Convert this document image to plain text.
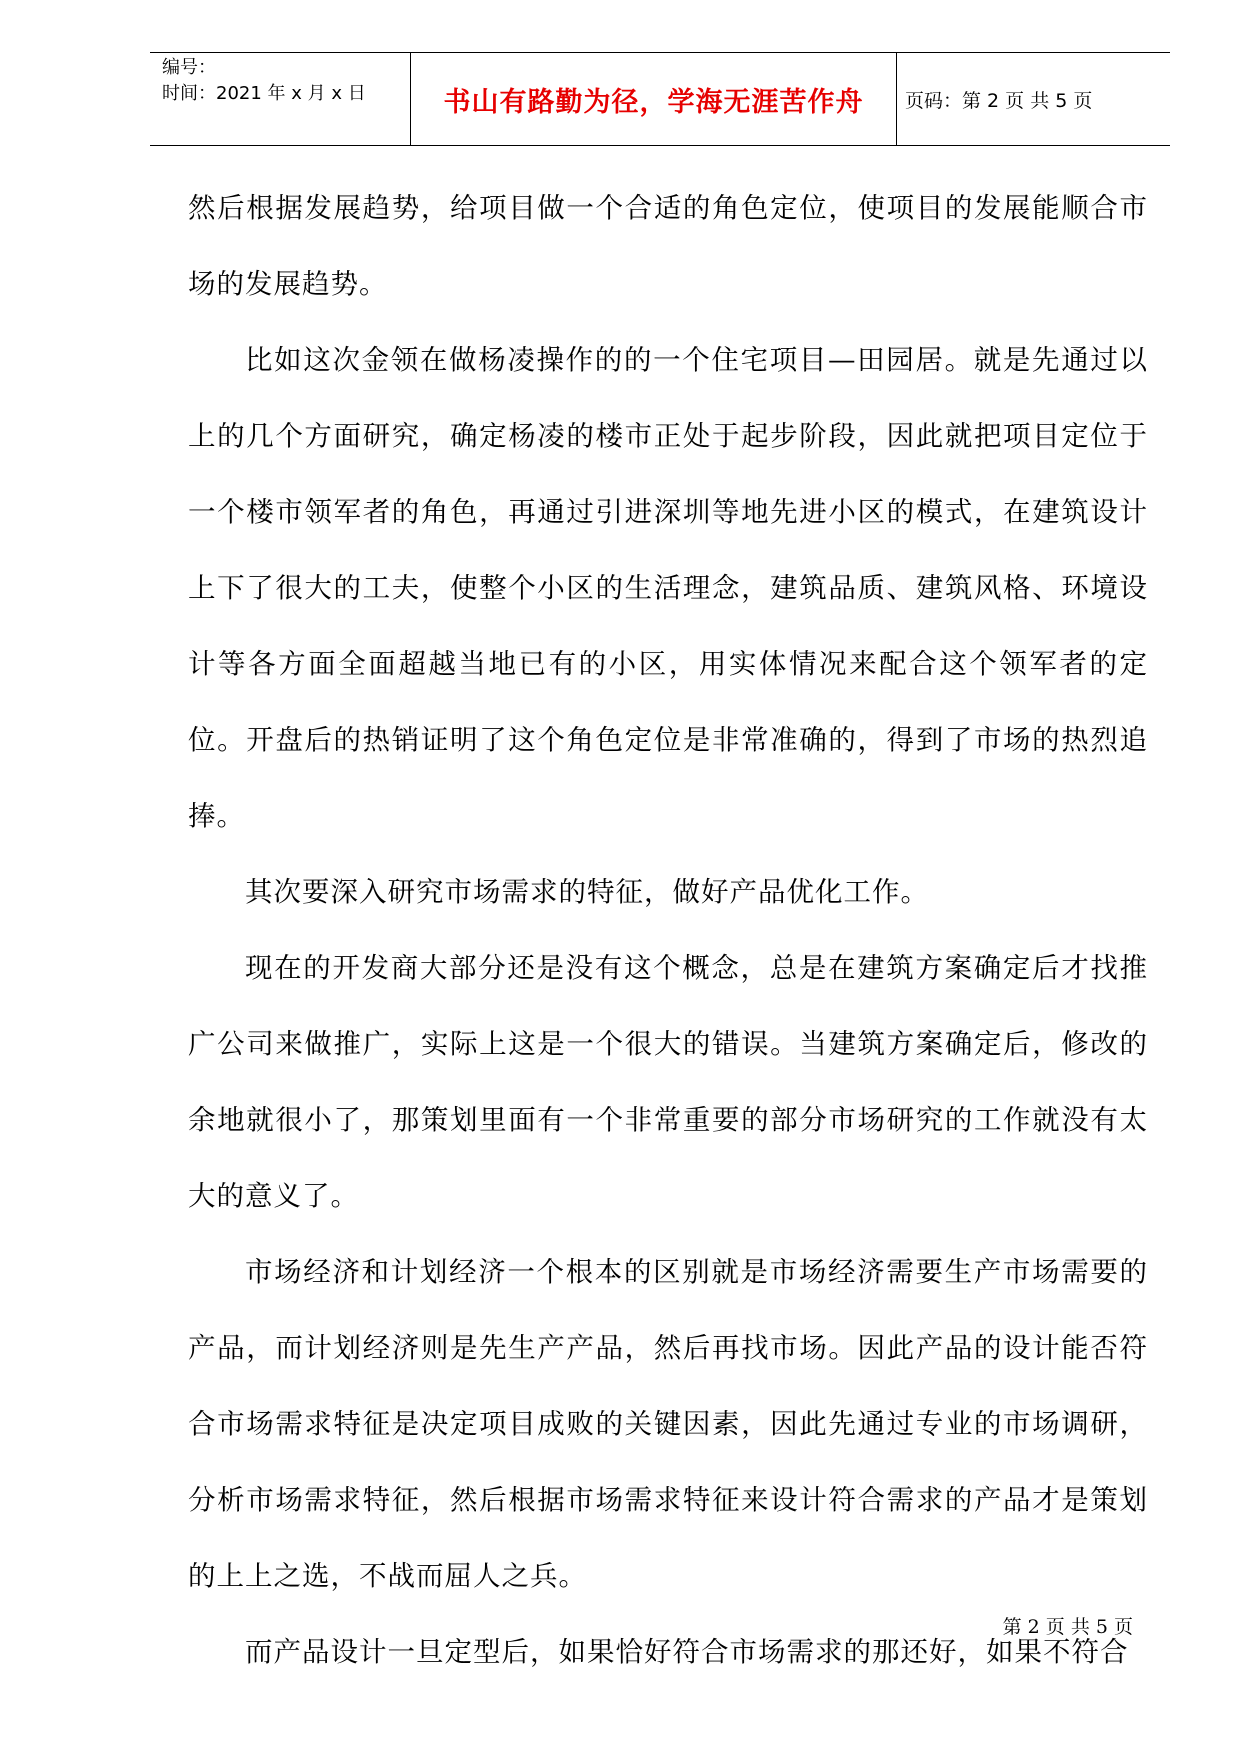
编号：
时间：2021 年 x 月 x 日	书山有路勤为径，学海无涯苦作舟 页码：第 2 页 共 5 页

然后根据发展趋势，给项目做一个合适的角色定位，使项目的发展能顺合市场的发展趋势。

比如这次金领在做杨凌操作的的一个住宅项目—田园居。就是先通过以上的几个方面研究，确定杨凌的楼市正处于起步阶段，因此就把项目定位于一个楼市领军者的角色，再通过引进深圳等地先进小区的模式，在建筑设计上下了很大的工夫，使整个小区的生活理念，建筑品质、建筑风格、环境设计等各方面全面超越当地已有的小区，用实体情况来配合这个领军者的定位。开盘后的热销证明了这个角色定位是非常准确的，得到了市场的热烈追捧。

其次要深入研究市场需求的特征，做好产品优化工作。

现在的开发商大部分还是没有这个概念，总是在建筑方案确定后才找推广公司来做推广，实际上这是一个很大的错误。当建筑方案确定后，修改的余地就很小了，那策划里面有一个非常重要的部分市场研究的工作就没有太大的意义了。

市场经济和计划经济一个根本的区别就是市场经济需要生产市场需要的产品，而计划经济则是先生产产品，然后再找市场。因此产品的设计能否符合市场需求特征是决定项目成败的关键因素，因此先通过专业的市场调研，分析市场需求特征，然后根据市场需求特征来设计符合需求的产品才是策划的上上之选，不战而屈人之兵。

而产品设计一旦定型后，如果恰好符合市场需求的那还好，如果不符合

第 2 页 共 5 页
